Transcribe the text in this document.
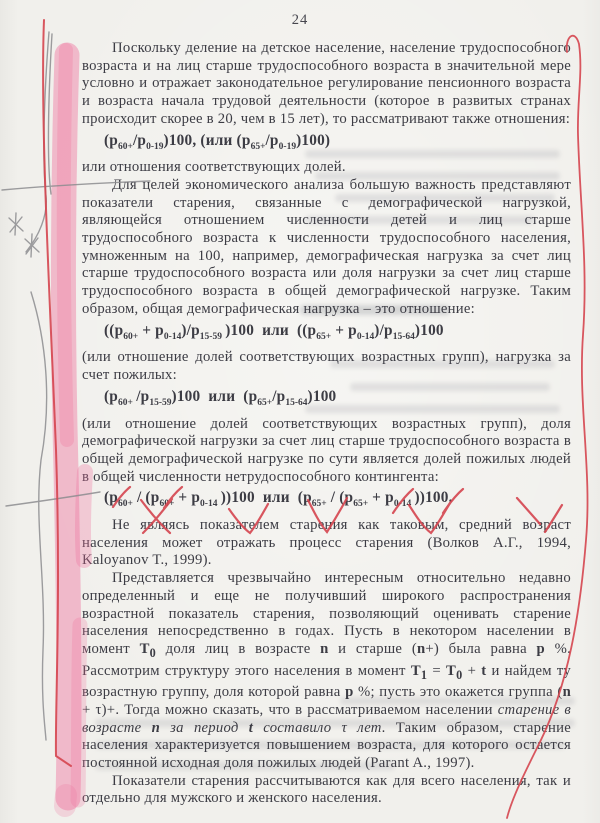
24
Поскольку деление на детское население, население трудоспособного возраста и на лиц старше трудоспособного возраста в значительной мере условно и отражает законодательное регулирование пенсионного возраста и возраста начала трудовой деятельности (которое в развитых странах происходит скорее в 20, чем в 15 лет), то рассматривают также отношения:
$(p_{60+}/p_{0-19})100$, (или $(p_{65+}/p_{0-19})100$)
или отношения соответствующих долей.
Для целей экономического анализа большую важность представляют показатели старения, связанные с демографической нагрузкой, являющейся отношением численности детей и лиц старше трудоспособного возраста к численности трудоспособного населения, умноженным на 100, например, демографическая нагрузка за счет лиц старше трудоспособного возраста или доля нагрузки за счет лиц старше трудоспособного возраста в общей демографической нагрузке. Таким образом, общая демографическая нагрузка – это отношение:
($(p_{60+} + p_{0-14})/p_{15-59}$ )100  или  $((p_{65+} + p_{0-14})/p_{15-64})100$
(или отношение долей соответствующих возрастных групп), нагрузка за счет пожилых:
($p_{60+}$ $/p_{15-59})100$  или  $(p_{65+}/p_{15-64})100$
(или отношение долей соответствующих возрастных групп), доля демографической нагрузки за счет лиц старше трудоспособного возраста в общей демографической нагрузке по сути является долей пожилых людей в общей численности нетрудоспособного контингента:
($p_{60+} / (p_{60+} + p_{0-14}$ ))100  или  ($p_{65+} / (p_{65+} + p_{0-14}$ ))100.
Не являясь показателем старения как таковым, средний возраст населения может отражать процесс старения (Волков А.Г., 1994, Kaloyanov T., 1999).
Представляется чрезвычайно интересным относительно недавно определенный и еще не получивший широкого распространения возрастной показатель старения, позволяющий оценивать старение населения непосредственно в годах. Пусть в некотором населении в момент $T_0$ доля лиц в возрасте n и старше (n+) была равна p %. Рассмотрим структуру этого населения в момент $T_1 = T_0 + t$ и найдем ту возрастную группу, доля которой равна p %; пусть это окажется группа (n + τ)+. Тогда можно сказать, что в рассматриваемом населении старение в возрасте n за период t составило τ лет. Таким образом, старение населения характеризуется повышением возраста, для которого остается постоянной исходная доля пожилых людей (Parant A., 1997).
Показатели старения рассчитываются как для всего населения, так и отдельно для мужского и женского населения.
